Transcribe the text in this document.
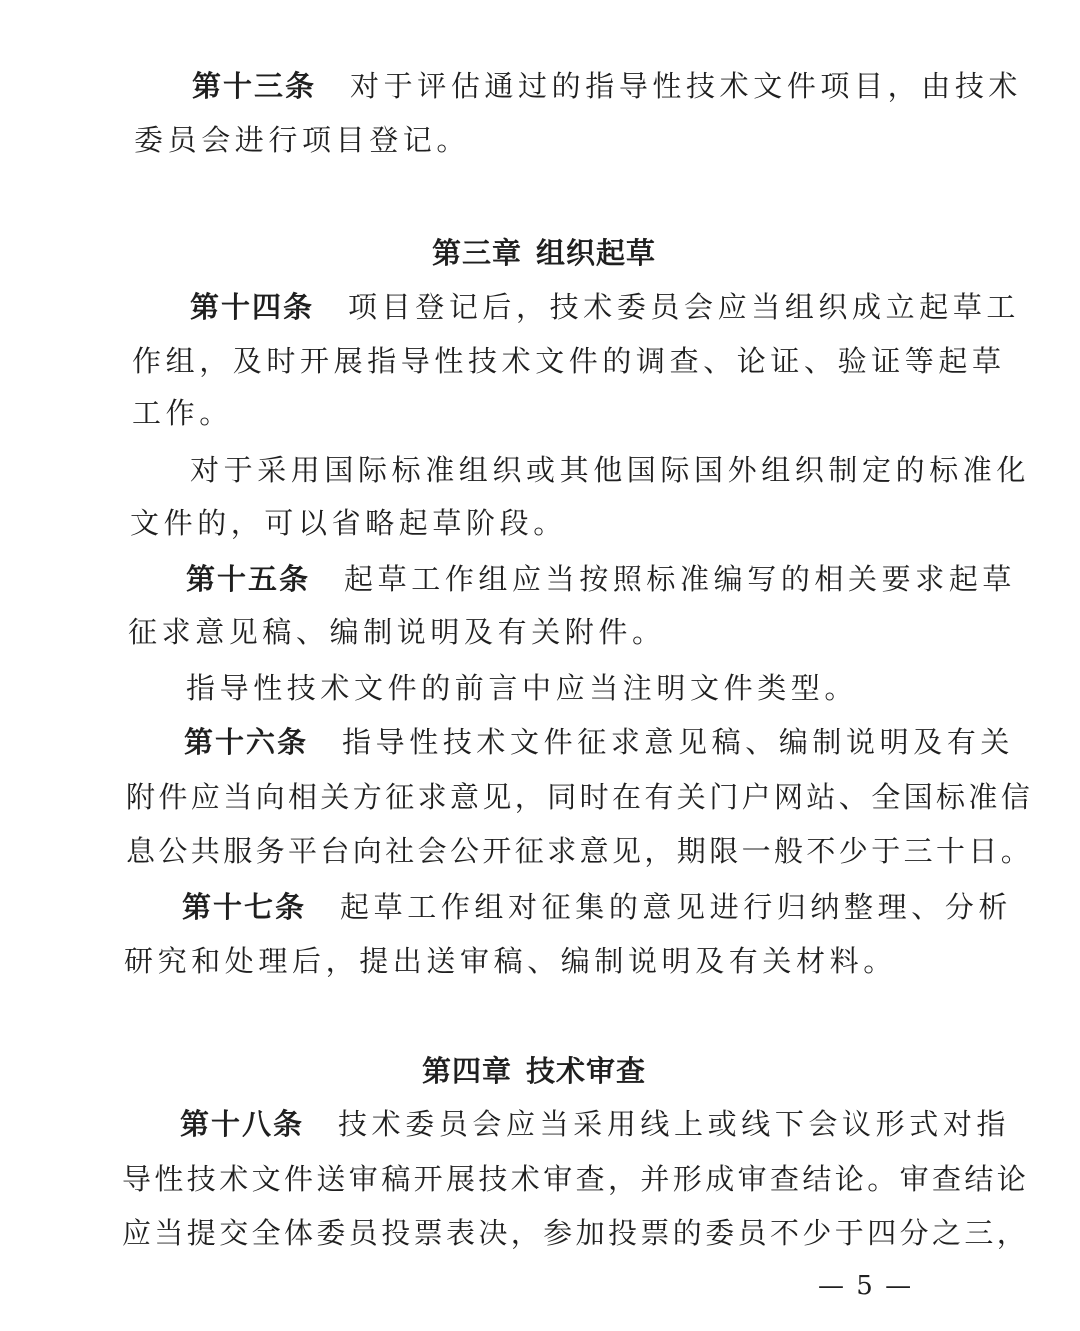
第十三条 对于评估通过的指导性技术文件项目，由技术
委员会进行项目登记。
第三章 组织起草
第十四条 项目登记后，技术委员会应当组织成立起草工
作组，及时开展指导性技术文件的调查、论证、验证等起草
工作。
对于采用国际标准组织或其他国际国外组织制定的标准化
文件的，可以省略起草阶段。
第十五条 起草工作组应当按照标准编写的相关要求起草
征求意见稿、编制说明及有关附件。
指导性技术文件的前言中应当注明文件类型。
第十六条 指导性技术文件征求意见稿、编制说明及有关
附件应当向相关方征求意见，同时在有关门户网站、全国标准信
息公共服务平台向社会公开征求意见，期限一般不少于三十日。
第十七条 起草工作组对征集的意见进行归纳整理、分析
研究和处理后，提出送审稿、编制说明及有关材料。
第四章 技术审查
第十八条 技术委员会应当采用线上或线下会议形式对指
导性技术文件送审稿开展技术审查，并形成审查结论。审查结论
应当提交全体委员投票表决，参加投票的委员不少于四分之三，
— 5 —
